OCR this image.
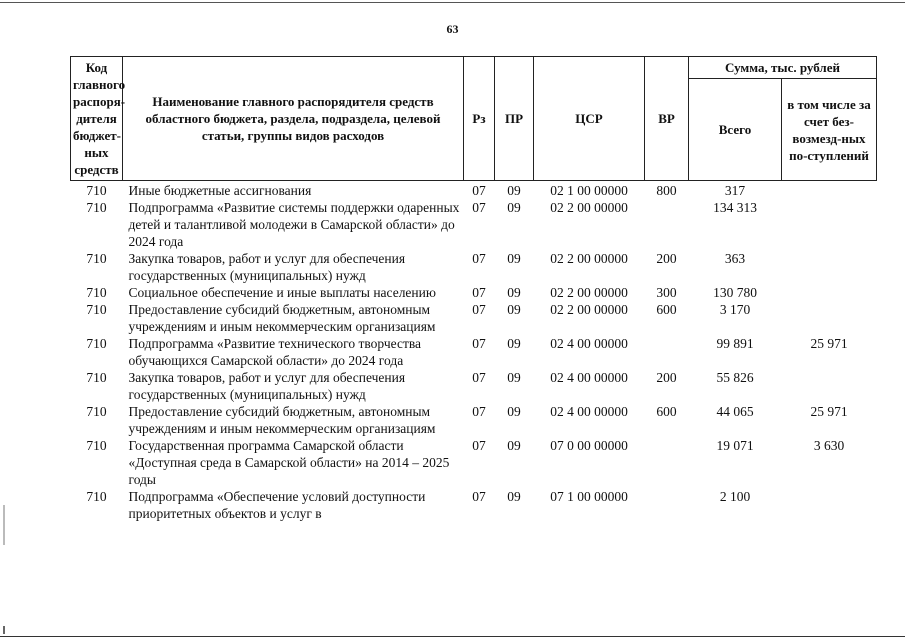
63
Код главного распоря-дителя бюджет-ных средств	Наименование главного распорядителя средств областного бюджета, раздела, подраздела, целевой статьи, группы видов расходов	Рз	ПР	ЦСР	ВР	Сумма, тыс. рублей	
						Всего	в том числе за счет без-возмезд-ных по-ступлений
710	Иные бюджетные ассигнования	07	09	02 1 00 00000	800	317	
710	Подпрограмма «Развитие системы поддержки одаренных детей и талантливой молодежи в Самарской области» до 2024 года	07	09	02 2 00 00000		134 313	
710	Закупка товаров, работ и услуг для обеспечения государственных (муниципальных) нужд	07	09	02 2 00 00000	200	363	
710	Социальное обеспечение и иные выплаты населению	07	09	02 2 00 00000	300	130 780	
710	Предоставление субсидий бюджетным, автономным учреждениям и иным некоммерческим организациям	07	09	02 2 00 00000	600	3 170	
710	Подпрограмма «Развитие технического творчества обучающихся Самарской области» до 2024 года	07	09	02 4 00 00000		99 891	25 971
710	Закупка товаров, работ и услуг для обеспечения государственных (муниципальных) нужд	07	09	02 4 00 00000	200	55 826	
710	Предоставление субсидий бюджетным, автономным учреждениям и иным некоммерческим организациям	07	09	02 4 00 00000	600	44 065	25 971
710	Государственная программа Самарской области «Доступная среда в Самарской области» на 2014 – 2025 годы	07	09	07 0 00 00000		19 071	3 630
710	Подпрограмма «Обеспечение условий доступности приоритетных объектов и услуг в	07	09	07 1 00 00000		2 100	
